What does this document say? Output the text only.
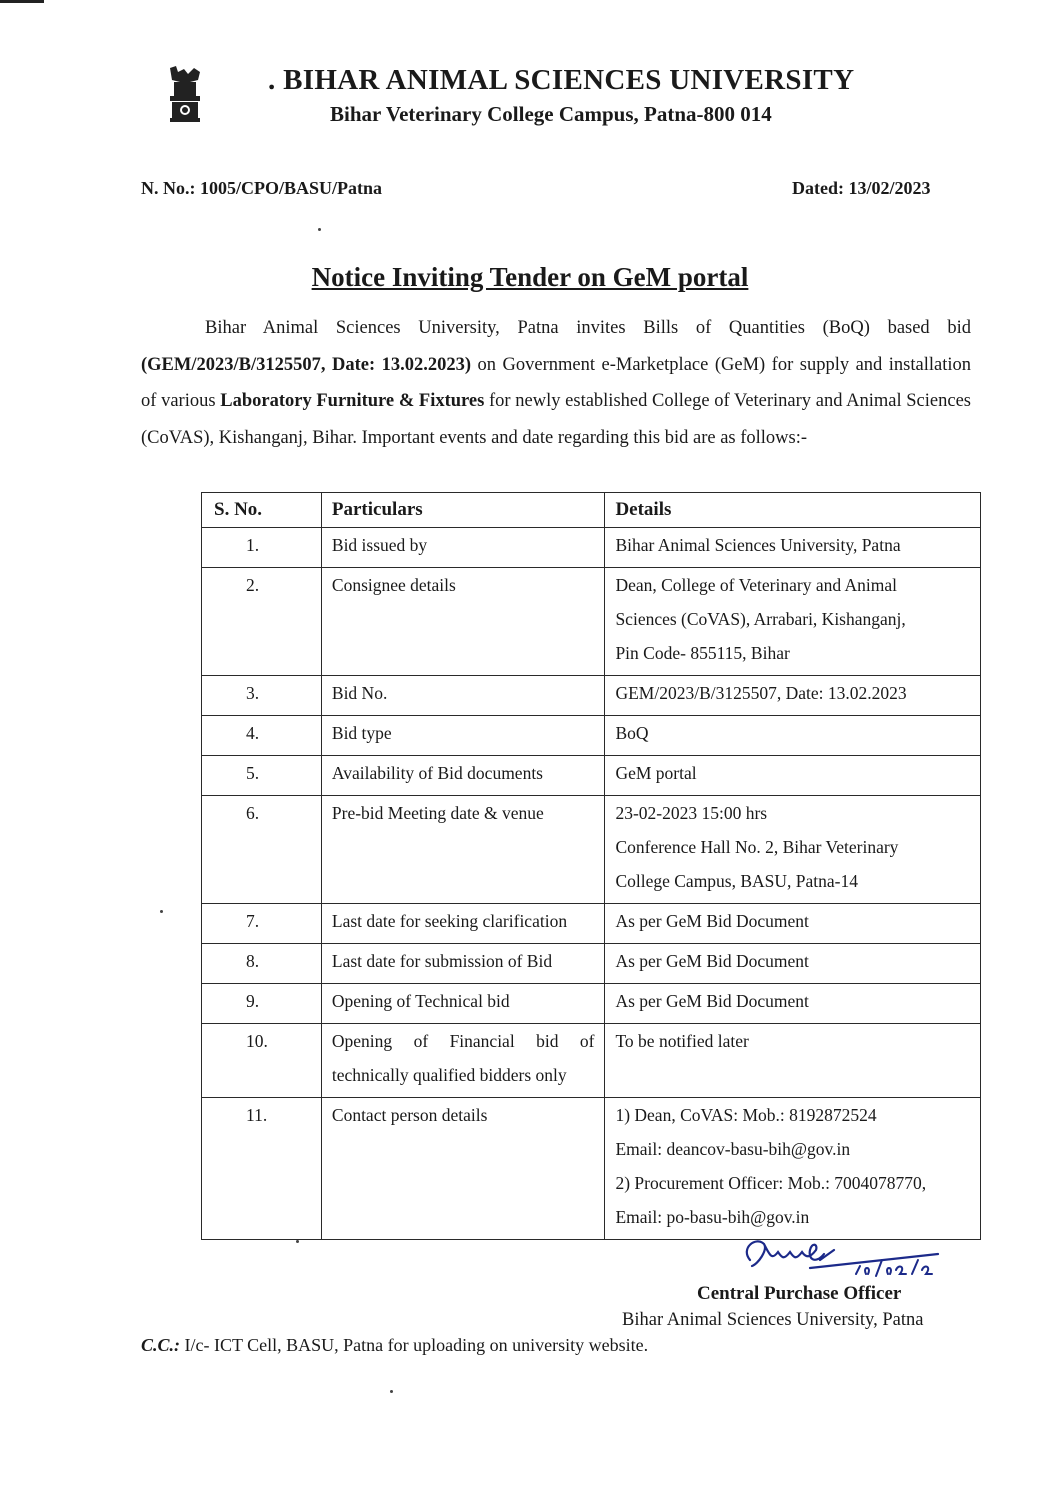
. BIHAR ANIMAL SCIENCES UNIVERSITY
Bihar Veterinary College Campus, Patna-800 014
N. No.: 1005/CPO/BASU/Patna	Dated: 13/02/2023
Notice Inviting Tender on GeM portal

Bihar Animal Sciences University, Patna invites Bills of Quantities (BoQ) based bid (GEM/2023/B/3125507, Date: 13.02.2023) on Government e-Marketplace (GeM) for supply and installation of various Laboratory Furniture & Fixtures for newly established College of Veterinary and Animal Sciences (CoVAS), Kishanganj, Bihar. Important events and date regarding this bid are as follows:-

S. No.	Particulars	Details
1.	Bid issued by	Bihar Animal Sciences University, Patna

2.	Consignee details	Dean, College of Veterinary and Animal
Sciences (CoVAS), Arrabari, Kishanganj,
Pin Code- 855115, Bihar

3.	Bid No.	GEM/2023/B/3125507, Date: 13.02.2023

4.	Bid type	BoQ

5.	Availability of Bid documents	GeM portal

6.	Pre-bid Meeting date & venue	23-02-2023 15:00 hrs
Conference Hall No. 2, Bihar Veterinary
College Campus, BASU, Patna-14

7.	Last date for seeking clarification	As per GeM Bid Document

8.	Last date for submission of Bid	As per GeM Bid Document

9.	Opening of Technical bid	As per GeM Bid Document

10.	Opening of Financial bid of technically qualified bidders only	To be notified later

11.	Contact person details	1) Dean, CoVAS: Mob.: 8192872524
Email: deancov-basu-bih@gov.in
2) Procurement Officer: Mob.: 7004078770,
Email: po-basu-bih@gov.in
Central Purchase Officer
Bihar Animal Sciences University, Patna
C.C.: I/c- ICT Cell, BASU, Patna for uploading on university website.
